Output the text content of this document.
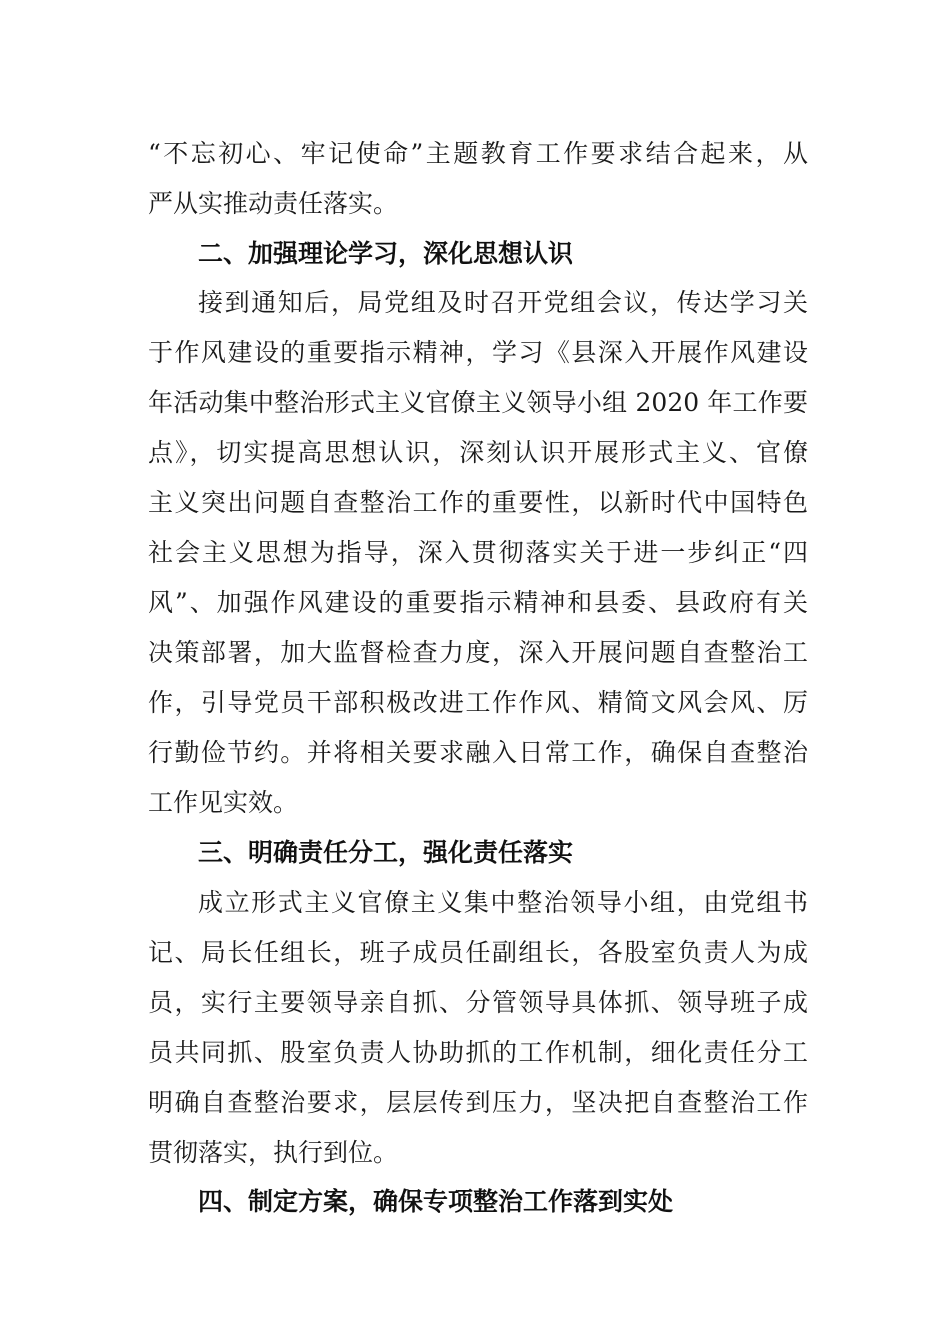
“不忘初心、牢记使命”主题教育工作要求结合起来，从
严从实推动责任落实。
二、加强理论学习，深化思想认识
接到通知后，局党组及时召开党组会议，传达学习关
于作风建设的重要指示精神，学习《县深入开展作风建设
年活动集中整治形式主义官僚主义领导小组 2020 年工作要
点》，切实提高思想认识，深刻认识开展形式主义、官僚
主义突出问题自查整治工作的重要性，以新时代中国特色
社会主义思想为指导，深入贯彻落实关于进一步纠正“四
风”、加强作风建设的重要指示精神和县委、县政府有关
决策部署，加大监督检查力度，深入开展问题自查整治工
作，引导党员干部积极改进工作作风、精简文风会风、厉
行勤俭节约。并将相关要求融入日常工作，确保自查整治
工作见实效。
三、明确责任分工，强化责任落实
成立形式主义官僚主义集中整治领导小组，由党组书
记、局长任组长，班子成员任副组长，各股室负责人为成
员，实行主要领导亲自抓、分管领导具体抓、领导班子成
员共同抓、股室负责人协助抓的工作机制，细化责任分工
明确自查整治要求，层层传到压力，坚决把自查整治工作
贯彻落实，执行到位。
四、制定方案，确保专项整治工作落到实处
